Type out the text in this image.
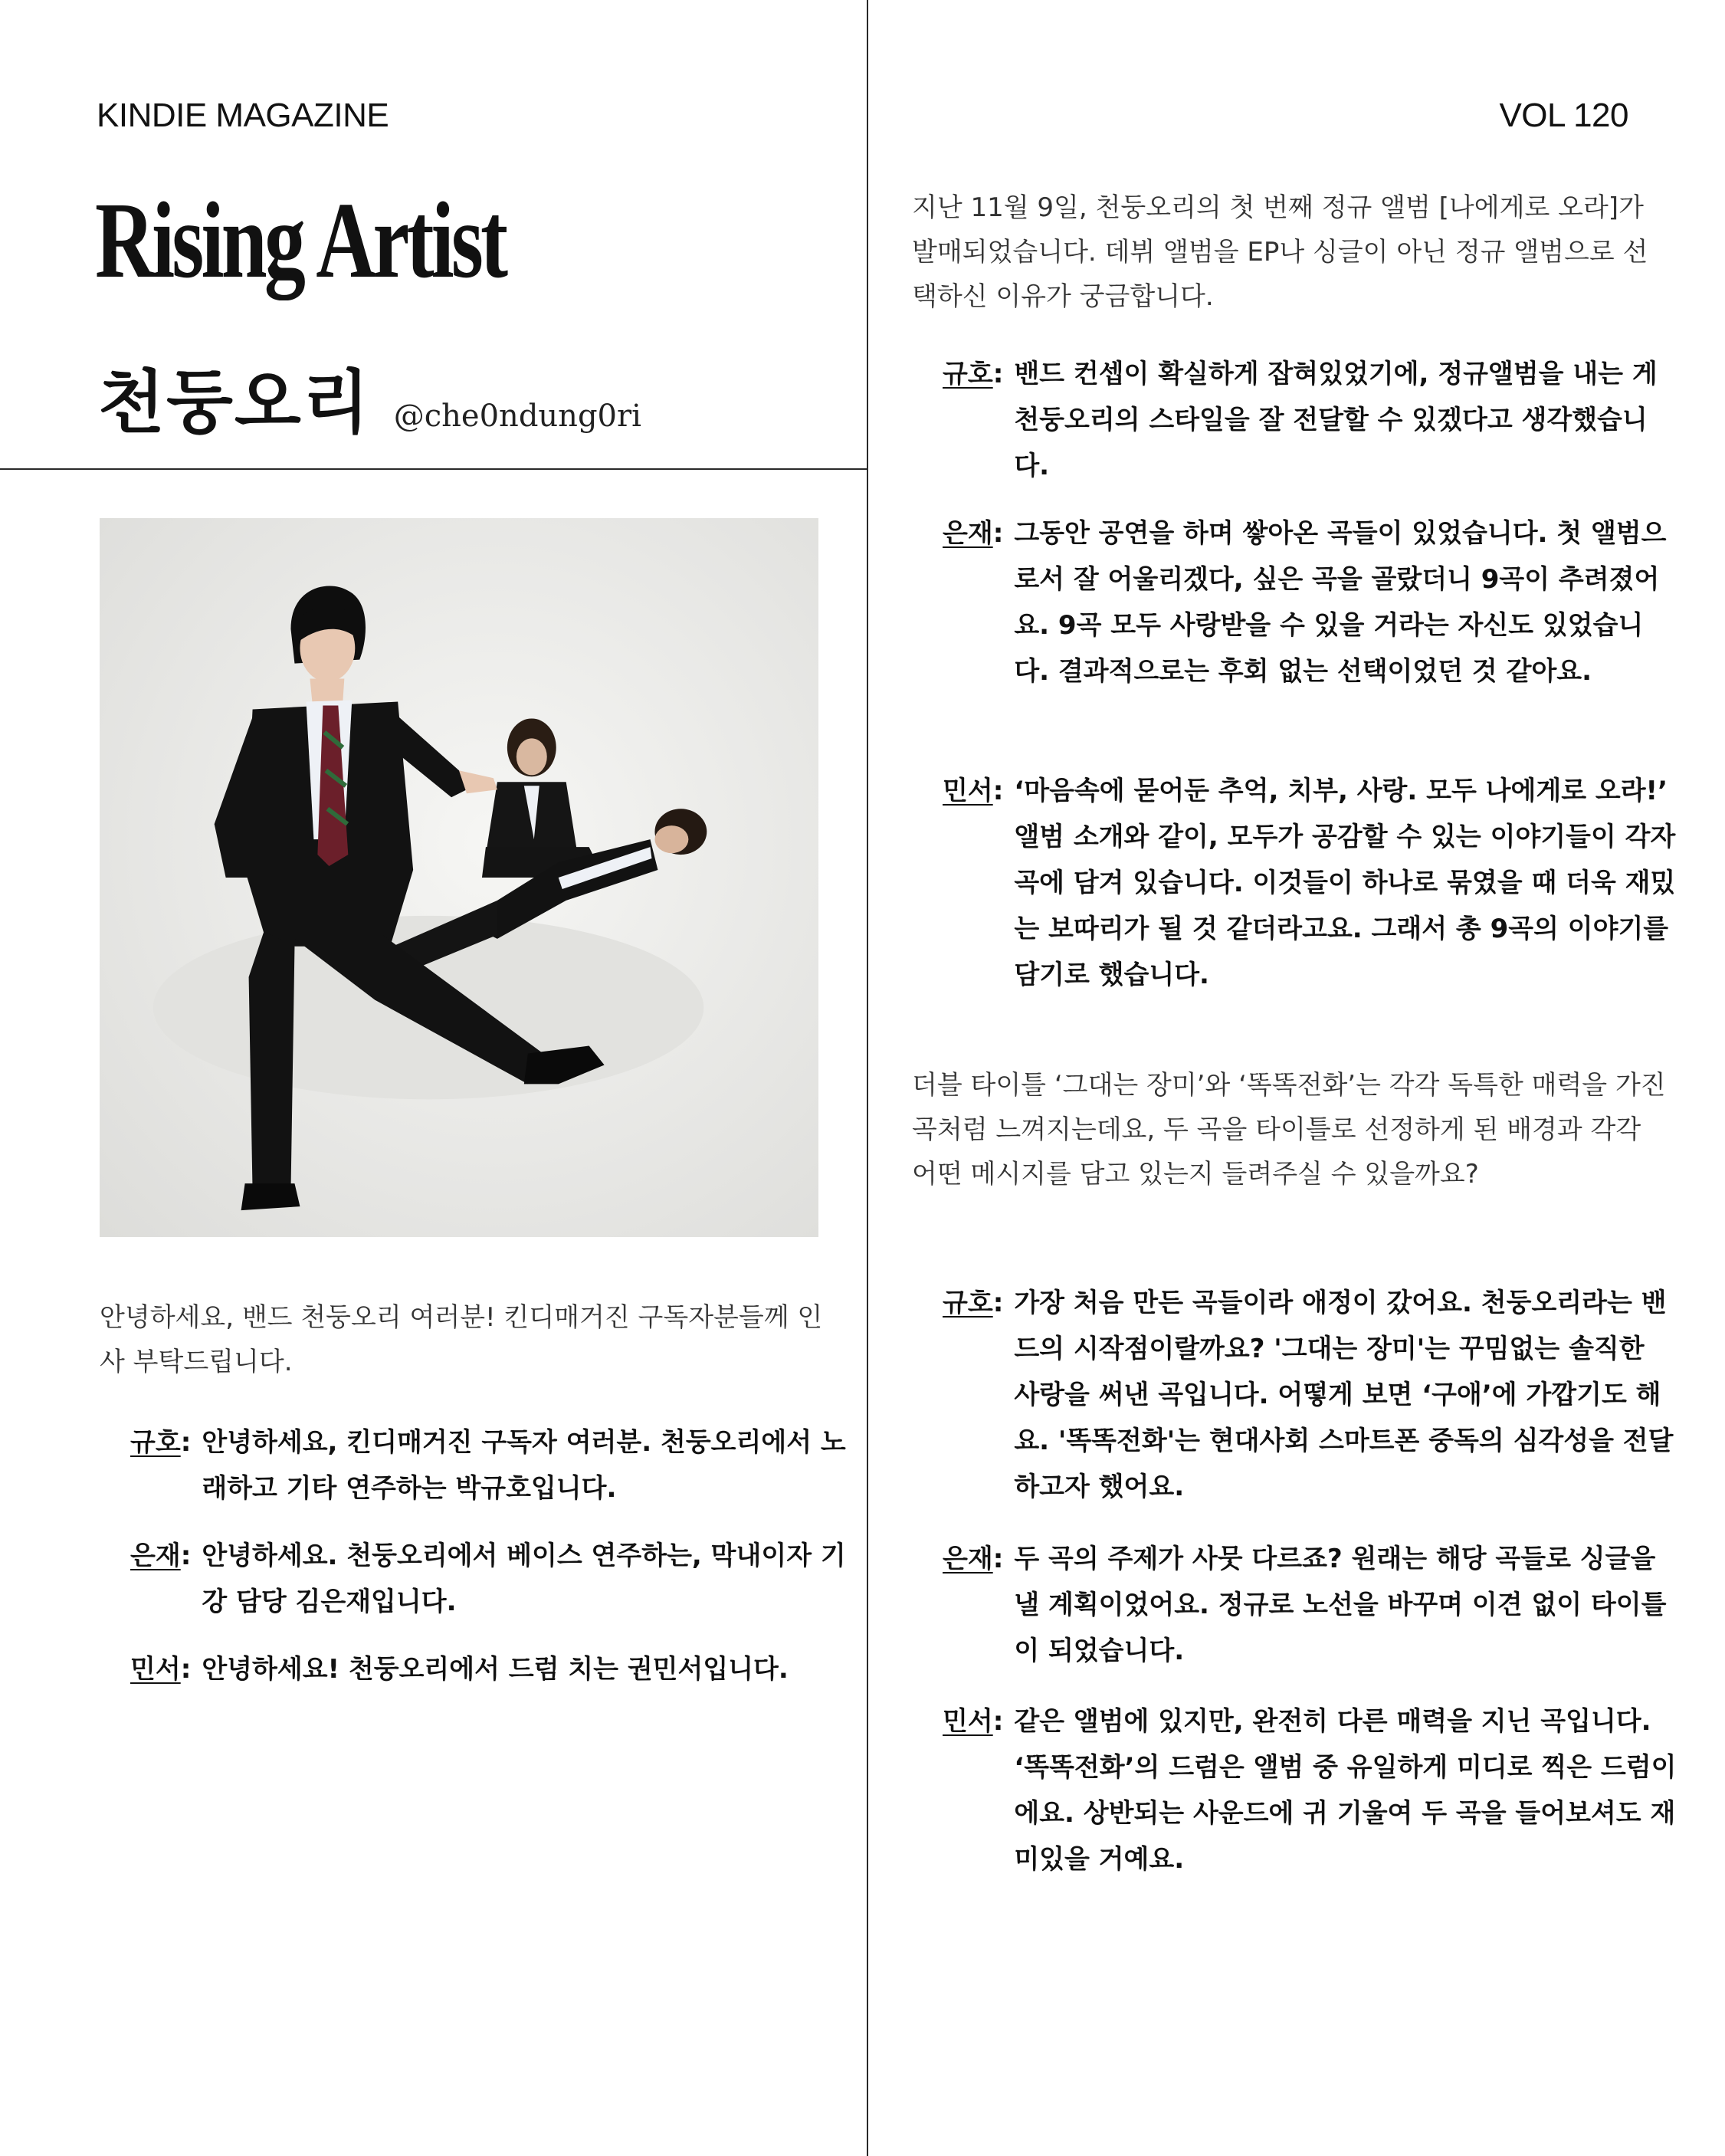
KINDIE MAGAZINE	VOL 120
Rising Artist
천둥오리 @che0ndung0ri

안녕하세요, 밴드 천둥오리 여러분! 킨디매거진 구독자분들께 인사 부탁드립니다.

규호: 안녕하세요, 킨디매거진 구독자 여러분. 천둥오리에서 노래하고 기타 연주하는 박규호입니다.
은재: 안녕하세요. 천둥오리에서 베이스 연주하는, 막내이자 기강 담당 김은재입니다.
민서: 안녕하세요! 천둥오리에서 드럼 치는 권민서입니다.

지난 11월 9일, 천둥오리의 첫 번째 정규 앨범 [나에게로 오라]가 발매되었습니다. 데뷔 앨범을 EP나 싱글이 아닌 정규 앨범으로 선택하신 이유가 궁금합니다.

규호: 밴드 컨셉이 확실하게 잡혀있었기에, 정규앨범을 내는 게 천둥오리의 스타일을 잘 전달할 수 있겠다고 생각했습니다.
은재: 그동안 공연을 하며 쌓아온 곡들이 있었습니다. 첫 앨범으로서 잘 어울리겠다, 싶은 곡을 골랐더니 9곡이 추려졌어요. 9곡 모두 사랑받을 수 있을 거라는 자신도 있었습니다. 결과적으로는 후회 없는 선택이었던 것 같아요.
민서: ‘마음속에 묻어둔 추억, 치부, 사랑. 모두 나에게로 오라!’ 앨범 소개와 같이, 모두가 공감할 수 있는 이야기들이 각자 곡에 담겨 있습니다. 이것들이 하나로 묶였을 때 더욱 재밌는 보따리가 될 것 같더라고요. 그래서 총 9곡의 이야기를 담기로 했습니다.

더블 타이틀 ‘그대는 장미’와 ‘똑똑전화’는 각각 독특한 매력을 가진 곡처럼 느껴지는데요, 두 곡을 타이틀로 선정하게 된 배경과 각각 어떤 메시지를 담고 있는지 들려주실 수 있을까요?

규호: 가장 처음 만든 곡들이라 애정이 갔어요. 천둥오리라는 밴드의 시작점이랄까요? '그대는 장미'는 꾸밈없는 솔직한 사랑을 써낸 곡입니다. 어떻게 보면 ‘구애’에 가깝기도 해요. '똑똑전화'는 현대사회 스마트폰 중독의 심각성을 전달하고자 했어요.
은재: 두 곡의 주제가 사뭇 다르죠? 원래는 해당 곡들로 싱글을 낼 계획이었어요. 정규로 노선을 바꾸며 이견 없이 타이틀이 되었습니다.
민서: 같은 앨범에 있지만, 완전히 다른 매력을 지닌 곡입니다. ‘똑똑전화’의 드럼은 앨범 중 유일하게 미디로 찍은 드럼이에요. 상반되는 사운드에 귀 기울여 두 곡을 들어보셔도 재미있을 거예요.
